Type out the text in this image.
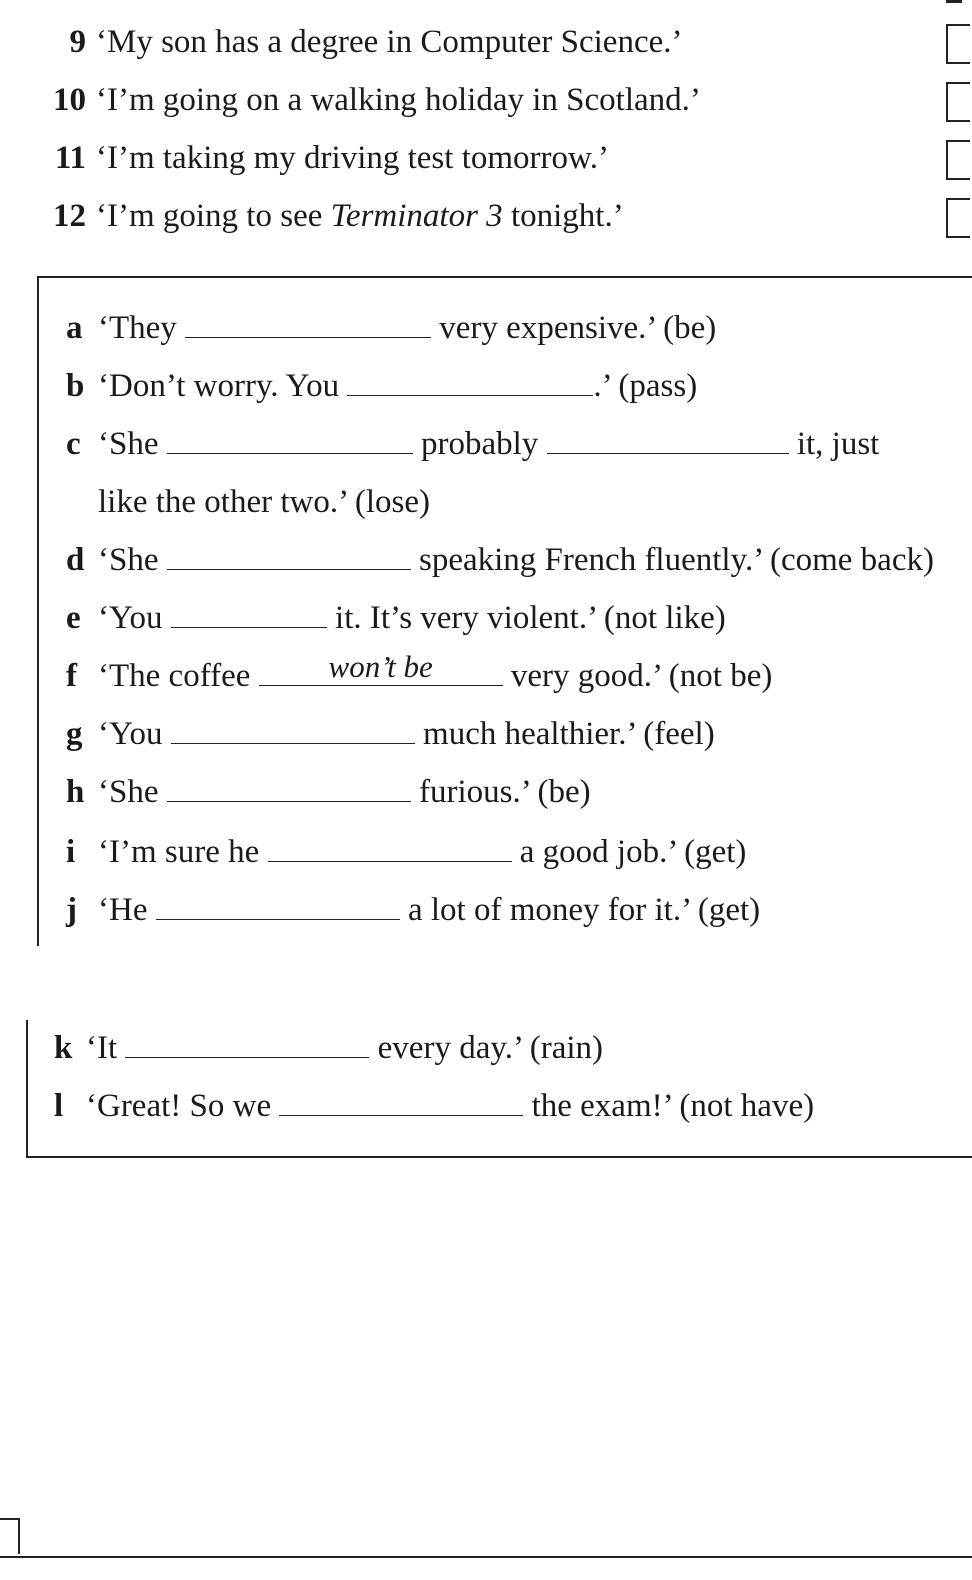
9 ‘My son has a degree in Computer Science.’
10 ‘I’m going on a walking holiday in Scotland.’
11 ‘I’m taking my driving test tomorrow.’
12 ‘I’m going to see Terminator 3 tonight.’
a ‘They	very expensive.’ (be)
b ‘Don’t worry. You	.’ (pass)
c ‘She	probably	it, just
like the other two.’ (lose)
d ‘She	speaking French fluently.’ (come back)
e ‘You	it. It’s very violent.’ (not like)
f ‘The coffee	won’t be	very good.’ (not be)
g ‘You	much healthier.’ (feel)
h ‘She	furious.’ (be)
i ‘I’m sure he	a good job.’ (get)
j ‘He	a lot of money for it.’ (get)
k ‘It	every day.’ (rain)
l ‘Great! So we	the exam!’ (not have)
